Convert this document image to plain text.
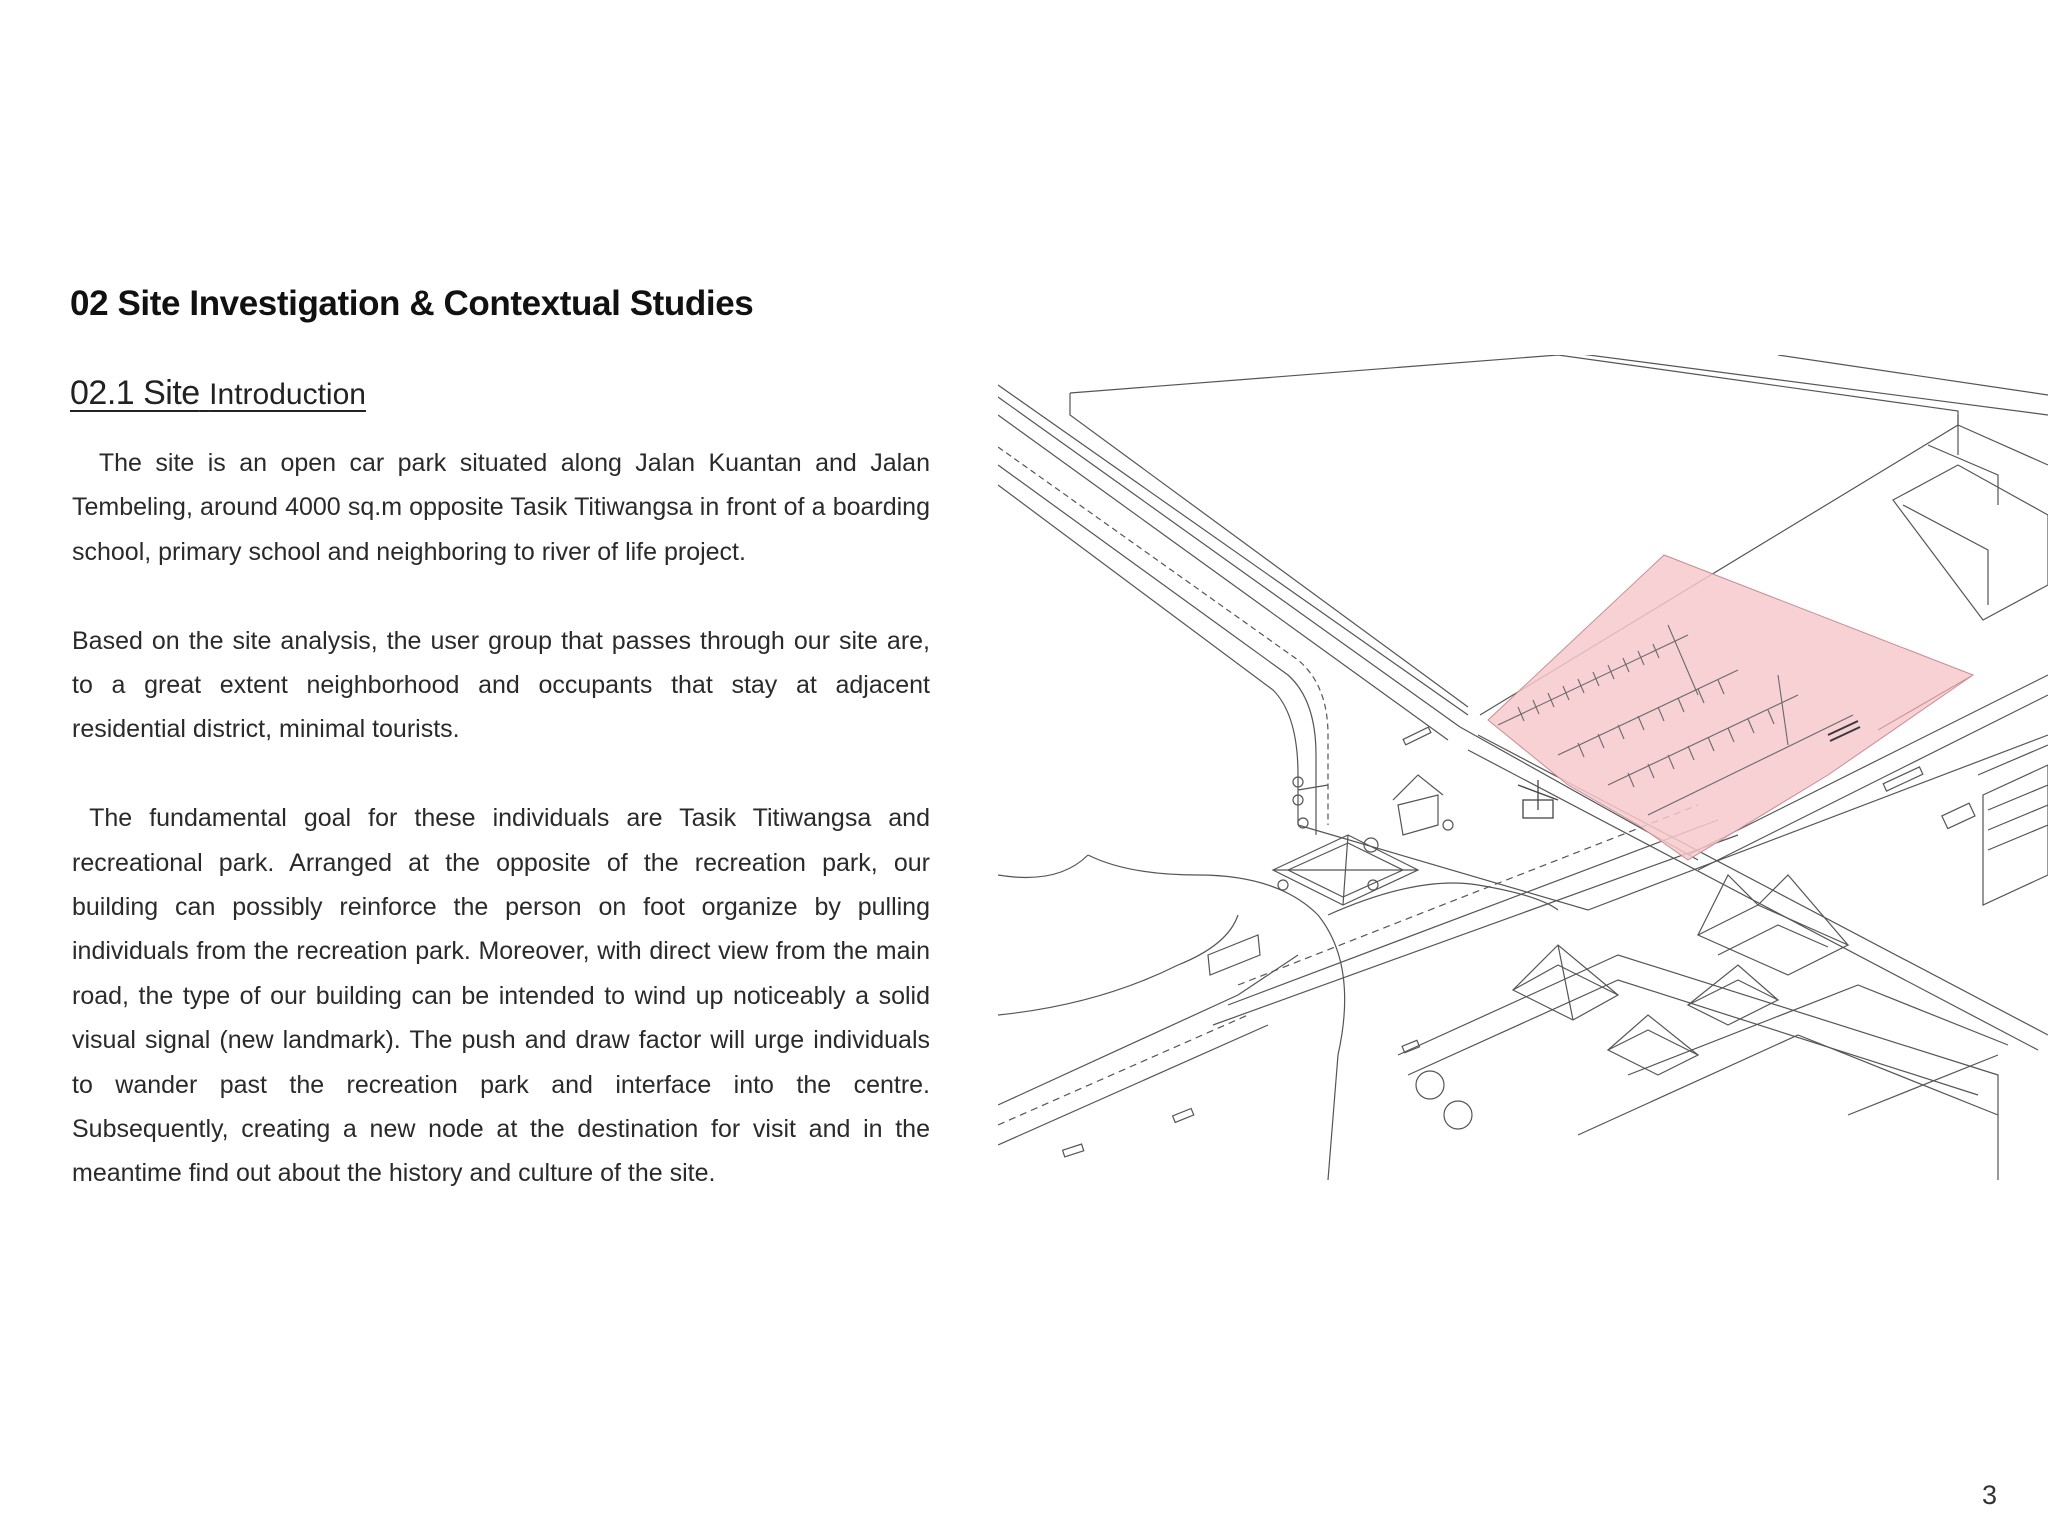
02 Site Investigation & Contextual Studies
02.1 Site Introduction

The site is an open car park situated along Jalan Kuantan and Jalan Tembeling, around 4000 sq.m opposite Tasik Titiwangsa in front of a boarding school, primary school and neighboring to river of life project.

Based on the site analysis, the user group that passes through our site are, to a great extent neighborhood and occupants that stay at adjacent residential district, minimal tourists.

The fundamental goal for these individuals are Tasik Titiwangsa and recreational park. Arranged at the opposite of the recreation park, our building can possibly reinforce the person on foot organize by pulling individuals from the recreation park. Moreover, with direct view from the main road, the type of our building can be intended to wind up noticeably a solid visual signal (new landmark). The push and draw factor will urge individuals to wander past the recreation park and interface into the centre. Subsequently, creating a new node at the destination for visit and in the meantime find out about the history and culture of the site.

3
